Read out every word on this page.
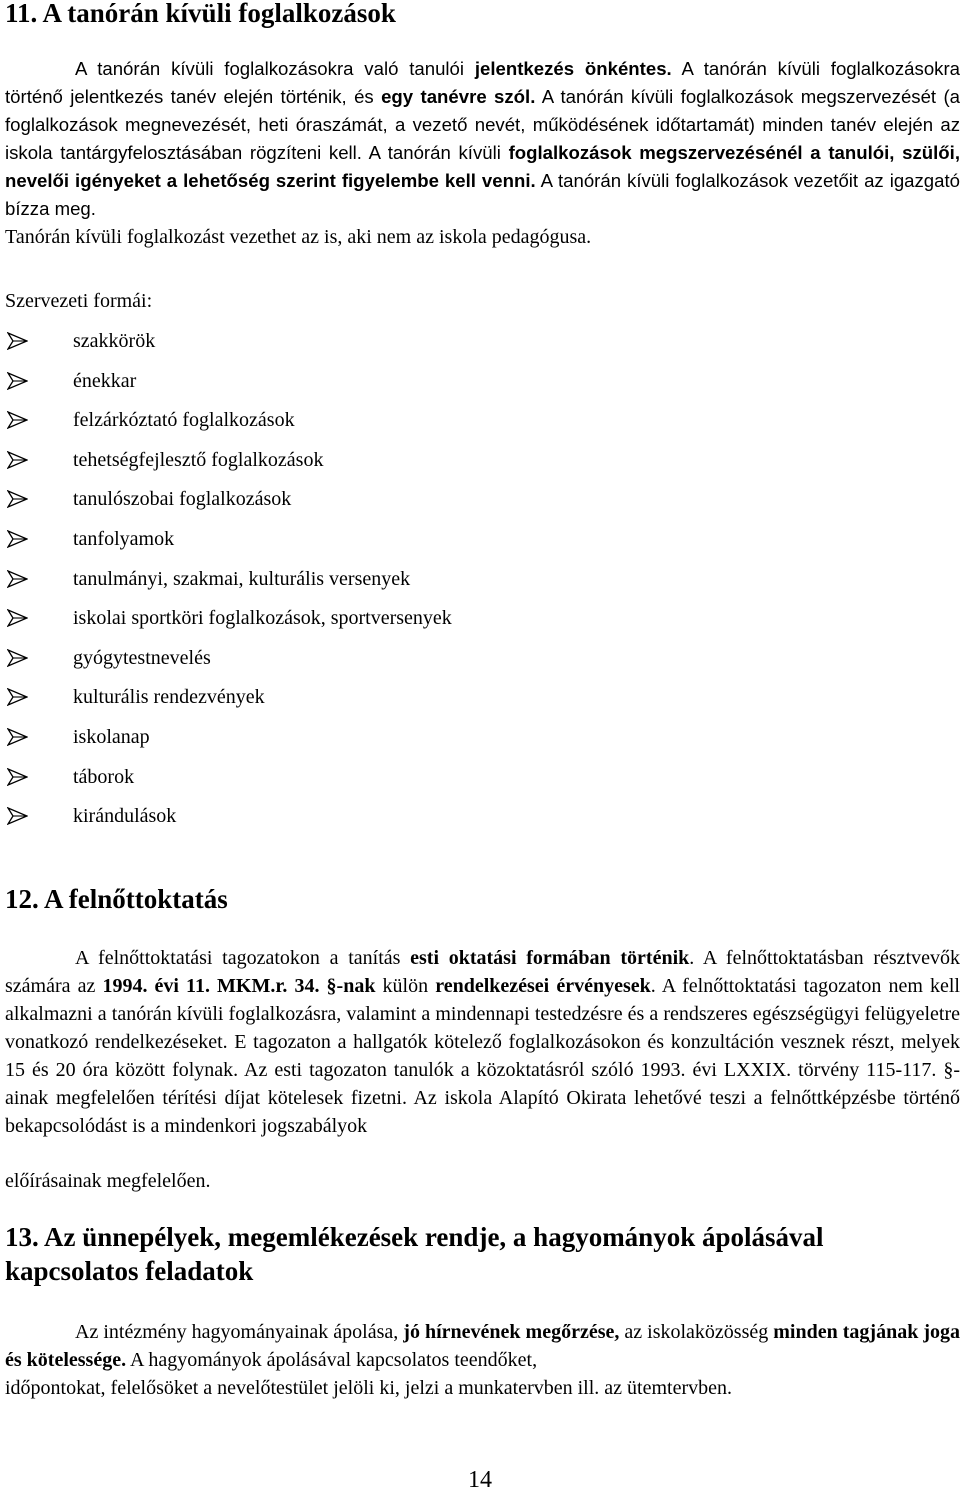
11. A tanórán kívüli foglalkozások

A tanórán kívüli foglalkozásokra való tanulói jelentkezés önkéntes. A tanórán kívüli foglalkozásokra történő jelentkezés tanév elején történik, és egy tanévre szól. A tanórán kívüli foglalkozások megszervezését (a foglalkozások megnevezését, heti óraszámát, a vezető nevét, működésének időtartamát) minden tanév elején az iskola tantárgyfelosztásában rögzíteni kell. A tanórán kívüli foglalkozások megszervezésénél a tanulói, szülői, nevelői igényeket a lehetőség szerint figyelembe kell venni. A tanórán kívüli foglalkozások vezetőit az igazgató bízza meg.

Tanórán kívüli foglalkozást vezethet az is, aki nem az iskola pedagógusa.

Szervezeti formái:

szakkörök
énekkar
felzárkóztató foglalkozások
tehetségfejlesztő foglalkozások
tanulószobai foglalkozások
tanfolyamok
tanulmányi, szakmai, kulturális versenyek
iskolai sportköri foglalkozások, sportversenyek
gyógytestnevelés
kulturális rendezvények
iskolanap
táborok
kirándulások
12. A felnőttoktatás

A felnőttoktatási tagozatokon a tanítás esti oktatási formában történik. A felnőttoktatásban résztvevők számára az 1994. évi 11. MKM.r. 34. §-nak külön rendelkezései érvényesek. A felnőttoktatási tagozaton nem kell alkalmazni a tanórán kívüli foglalkozásra, valamint a mindennapi testedzésre és a rendszeres egészségügyi felügyeletre vonatkozó rendelkezéseket. E tagozaton a hallgatók kötelező foglalkozásokon és konzultáción vesznek részt, melyek 15 és 20 óra között folynak. Az esti tagozaton tanulók a közoktatásról szóló 1993. évi LXXIX. törvény 115-117. §-ainak megfelelően térítési díjat kötelesek fizetni. Az iskola Alapító Okirata lehetővé teszi a felnőttképzésbe történő bekapcsolódást is a mindenkori jogszabályok

előírásainak megfelelően.

13. Az ünnepélyek, megemlékezések rendje, a hagyományok ápolásával
kapcsolatos feladatok

Az intézmény hagyományainak ápolása, jó hírnevének megőrzése, az iskolaközösség minden tagjának joga és kötelessége. A hagyományok ápolásával kapcsolatos teendőket,

időpontokat, felelősöket a nevelőtestület jelöli ki, jelzi a munkatervben ill. az ütemtervben.

14
